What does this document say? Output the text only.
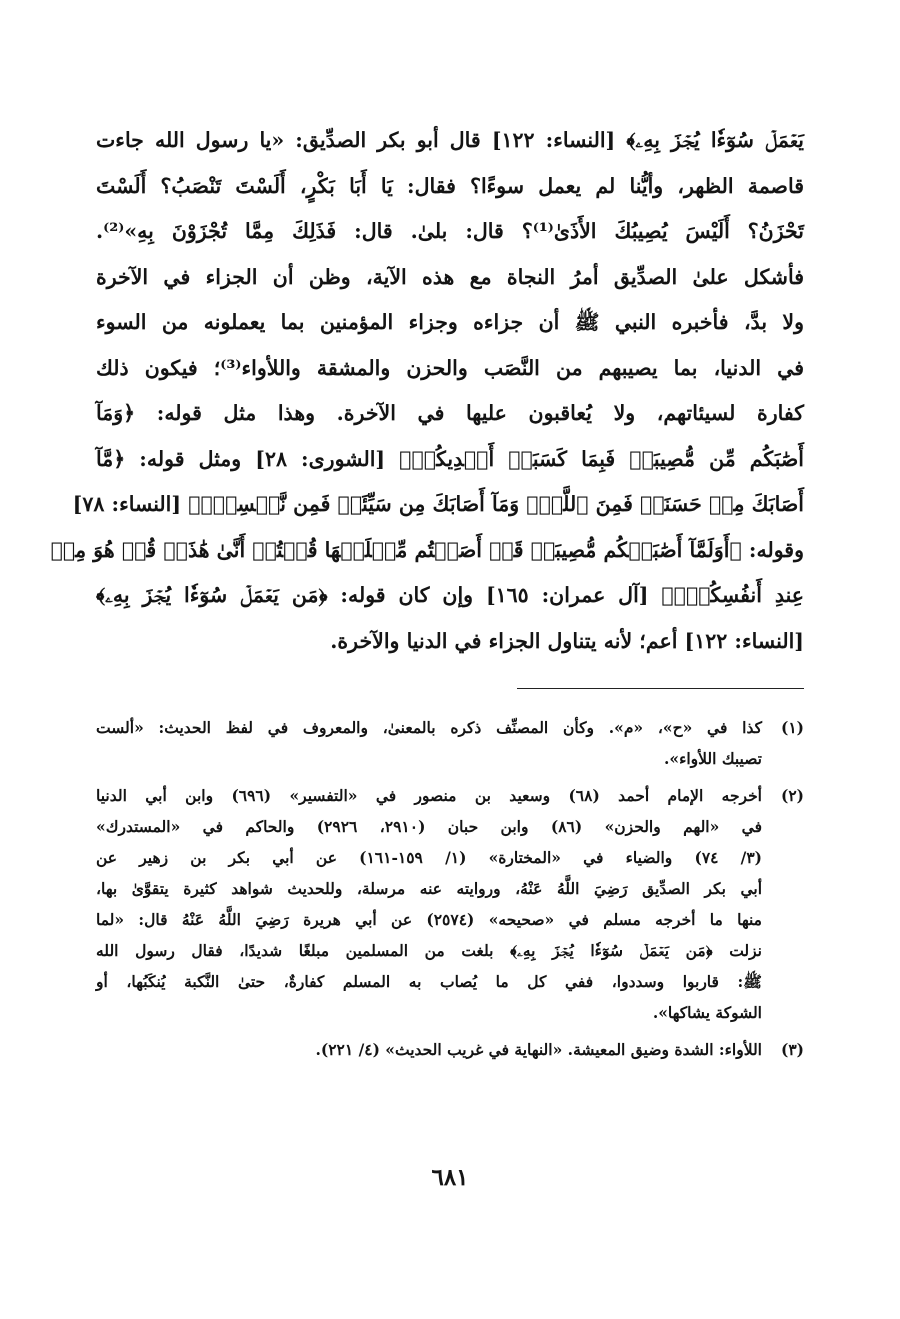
يَعۡمَلۡ سُوٓءٗا يُجۡزَ بِهِۦ﴾ [النساء: ١٢٢] قال أبو بكر الصدِّيق: «يا رسول الله جاءت
قاصمة الظهر، وأيُّنا لم يعمل سوءًا؟ فقال: يَا أَبَا بَكْرٍ، أَلَسْتَ تَنْصَبُ؟ أَلَسْتَ
تَحْزَنُ؟ أَلَيْسَ يُصِيبُكَ الأَذَىٰ⁽¹⁾؟ قال: بلىٰ. قال: فَذَلِكَ مِمَّا تُجْزَوْنَ بِهِ»⁽²⁾.
فأشكل علىٰ الصدِّيق أمرُ النجاة مع هذه الآية، وظن أن الجزاء في الآخرة
ولا بدَّ، فأخبره النبي ﷺ أن جزاءه وجزاء المؤمنين بما يعملونه من السوء
في الدنيا، بما يصيبهم من النَّصَب والحزن والمشقة واللأواء⁽³⁾؛ فيكون ذلك
كفارة لسيئاتهم، ولا يُعاقبون عليها في الآخرة. وهذا مثل قوله: ﴿وَمَآ
أَصَٰبَكُم مِّن مُّصِيبَةٖ فَبِمَا كَسَبَتۡ أَيۡدِيكُمۡ﴾ [الشورى: ٢٨] ومثل قوله: ﴿مَّآ
أَصَابَكَ مِنۡ حَسَنَةٖ فَمِنَ ٱللَّهِۖ وَمَآ أَصَابَكَ مِن سَيِّئَةٖ فَمِن نَّفۡسِكَۚ﴾ [النساء: ٧٨]
وقوله: ﴿أَوَلَمَّآ أَصَٰبَتۡكُم مُّصِيبَةٞ قَدۡ أَصَبۡتُم مِّثۡلَيۡهَا قُلۡتُمۡ أَنَّىٰ هَٰذَاۖ قُلۡ هُوَ مِنۡ
عِندِ أَنفُسِكُمۡۗ﴾ [آل عمران: ١٦٥] وإن كان قوله: ﴿مَن يَعۡمَلۡ سُوٓءٗا يُجۡزَ بِهِۦ﴾
[النساء: ١٢٢] أعم؛ لأنه يتناول الجزاء في الدنيا والآخرة.
(١)
كذا في «ح»، «م». وكأن المصنِّف ذكره بالمعنىٰ، والمعروف في لفظ الحديث: «ألست
تصيبك اللأواء».
(٢)
أخرجه الإمام أحمد (٦٨) وسعيد بن منصور في «التفسير» (٦٩٦) وابن أبي الدنيا
في «الهم والحزن» (٨٦) وابن حبان (٢٩١٠، ٢٩٢٦) والحاكم في «المستدرك»
(٣/ ٧٤) والضياء في «المختارة» (١/ ١٥٩-١٦١) عن أبي بكر بن زهير عن
أبي بكر الصدِّيق رَضِيَ اللَّهُ عَنْهُ، وروايته عنه مرسلة، وللحديث شواهد كثيرة يتقوَّىٰ بها،
منها ما أخرجه مسلم في «صحيحه» (٢٥٧٤) عن أبي هريرة رَضِيَ اللَّهُ عَنْهُ قال: «لما
نزلت ﴿مَن يَعۡمَلۡ سُوٓءٗا يُجۡزَ بِهِۦ﴾ بلغت من المسلمين مبلغًا شديدًا، فقال رسول الله
ﷺ: قاربوا وسددوا، ففي كل ما يُصاب به المسلم كفارةٌ، حتىٰ النَّكبة يُنكَبُها، أو
الشوكة يشاكها».
(٣)
اللأواء: الشدة وضيق المعيشة. «النهاية في غريب الحديث» (٤/ ٢٢١).
٦٨١
